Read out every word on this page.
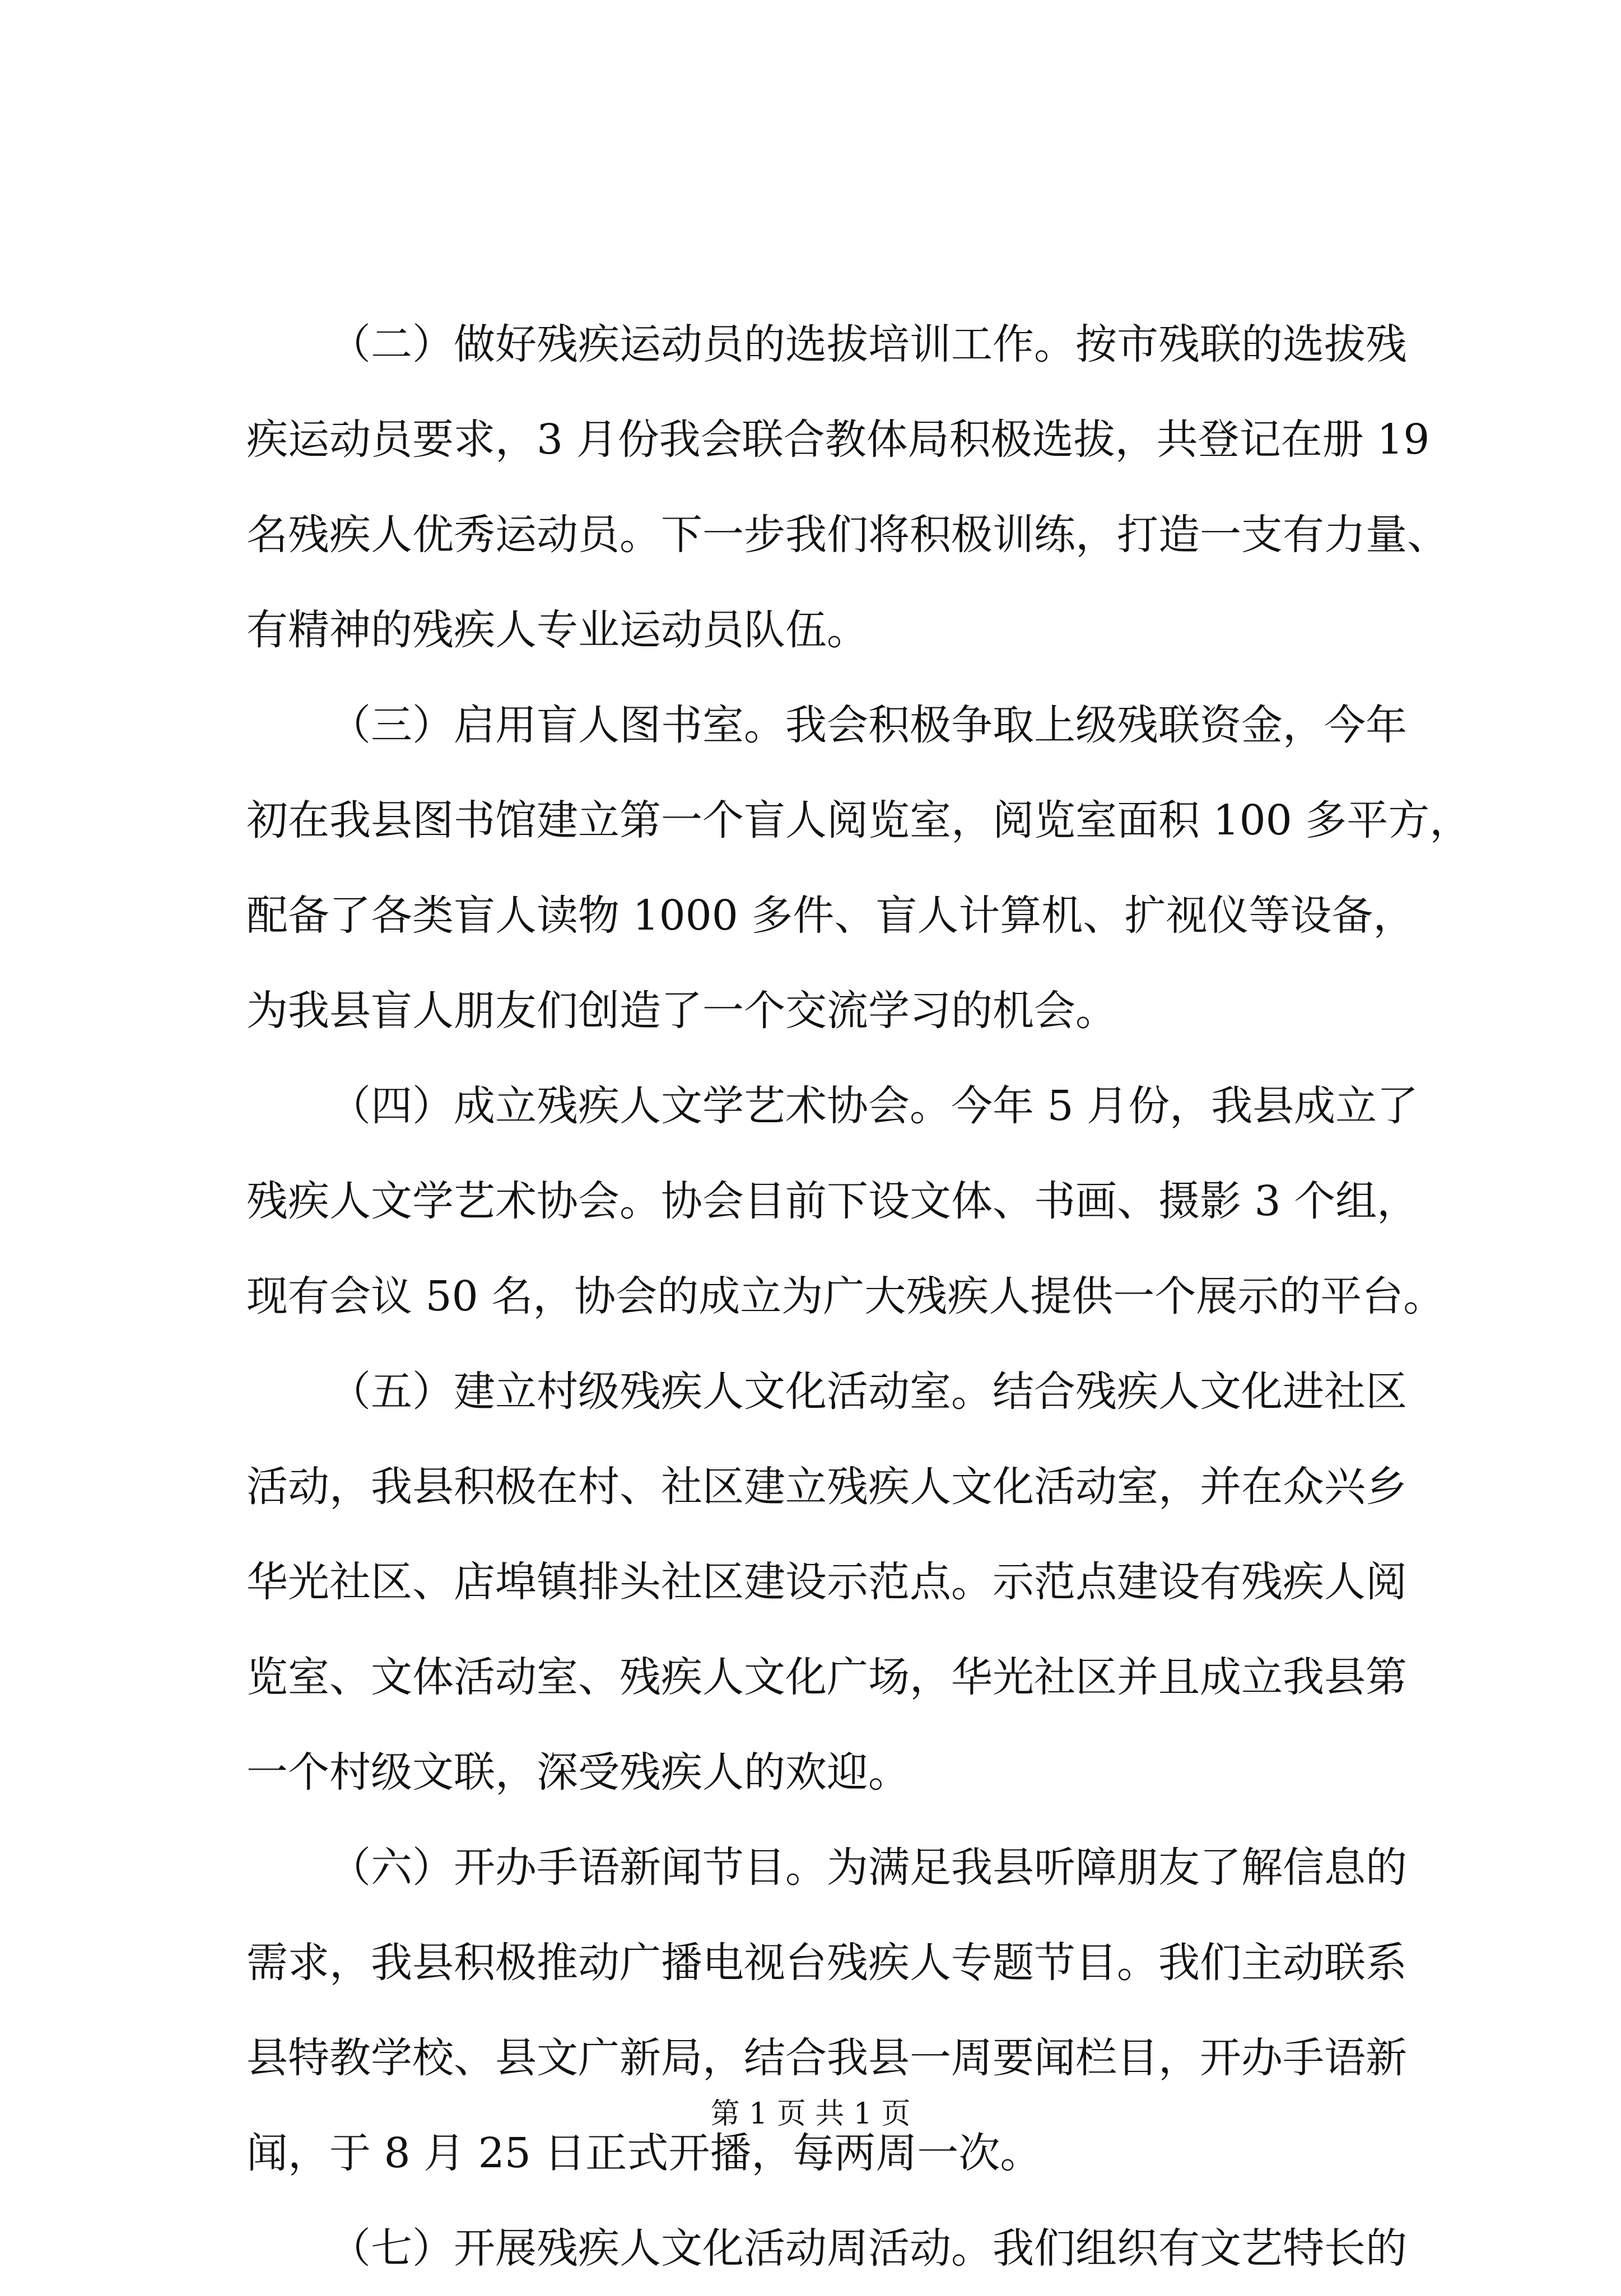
（二）做好残疾运动员的选拔培训工作。按市残联的选拔残
疾运动员要求，3 月份我会联合教体局积极选拔，共登记在册 19
名残疾人优秀运动员。下一步我们将积极训练，打造一支有力量、
有精神的残疾人专业运动员队伍。
（三）启用盲人图书室。我会积极争取上级残联资金，今年
初在我县图书馆建立第一个盲人阅览室，阅览室面积 100 多平方，
配备了各类盲人读物 1000 多件、盲人计算机、扩视仪等设备，
为我县盲人朋友们创造了一个交流学习的机会。
（四）成立残疾人文学艺术协会。今年 5 月份，我县成立了
残疾人文学艺术协会。协会目前下设文体、书画、摄影 3 个组，
现有会议 50 名，协会的成立为广大残疾人提供一个展示的平台。
（五）建立村级残疾人文化活动室。结合残疾人文化进社区
活动，我县积极在村、社区建立残疾人文化活动室，并在众兴乡
华光社区、店埠镇排头社区建设示范点。示范点建设有残疾人阅
览室、文体活动室、残疾人文化广场，华光社区并且成立我县第
一个村级文联，深受残疾人的欢迎。
（六）开办手语新闻节目。为满足我县听障朋友了解信息的
需求，我县积极推动广播电视台残疾人专题节目。我们主动联系
县特教学校、县文广新局，结合我县一周要闻栏目，开办手语新
闻，于 8 月 25 日正式开播，每两周一次。
（七）开展残疾人文化活动周活动。我们组织有文艺特长的
第 1 页 共 1 页
